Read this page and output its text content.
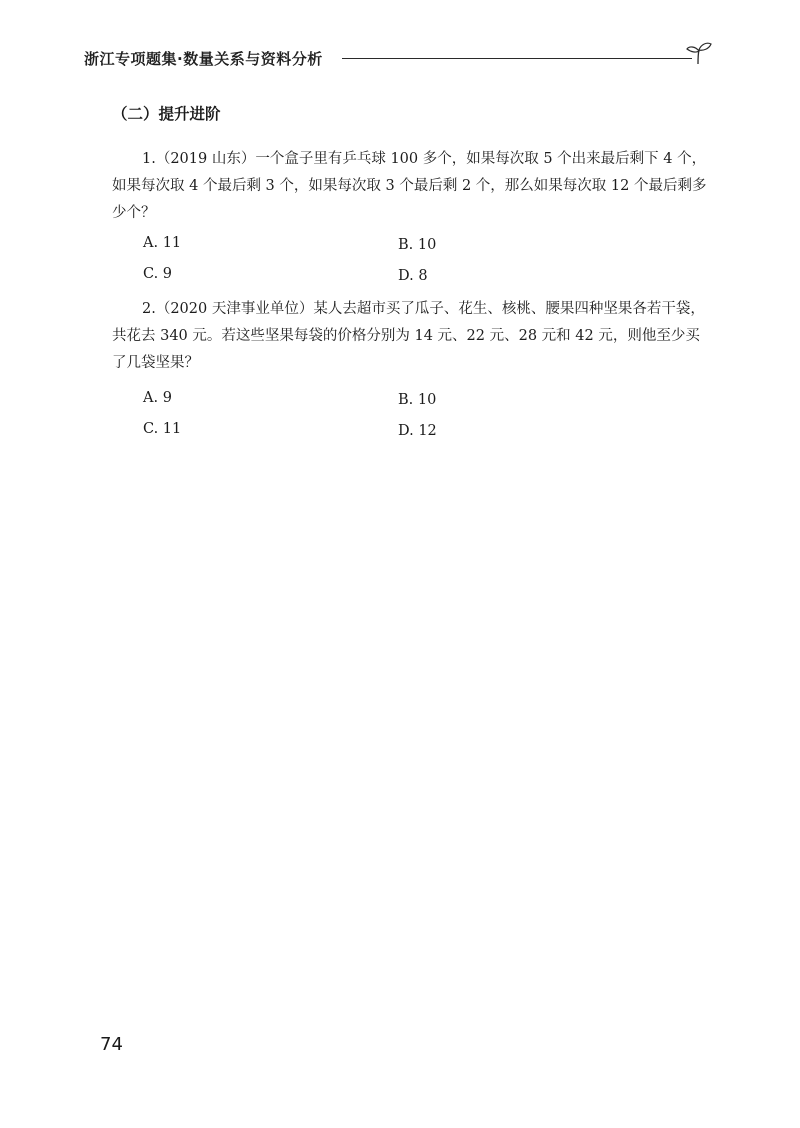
浙江专项题集·数量关系与资料分析
（二）提升进阶
1.（2019 山东）一个盒子里有乒乓球 100 多个，如果每次取 5 个出来最后剩下 4 个，如果每次取 4 个最后剩 3 个，如果每次取 3 个最后剩 2 个，那么如果每次取 12 个最后剩多少个？
A. 11	B. 10
C. 9	D. 8
2.（2020 天津事业单位）某人去超市买了瓜子、花生、核桃、腰果四种坚果各若干袋，共花去 340 元。若这些坚果每袋的价格分别为 14 元、22 元、28 元和 42 元，则他至少买了几袋坚果？
A. 9	B. 10
C. 11	D. 12
74
